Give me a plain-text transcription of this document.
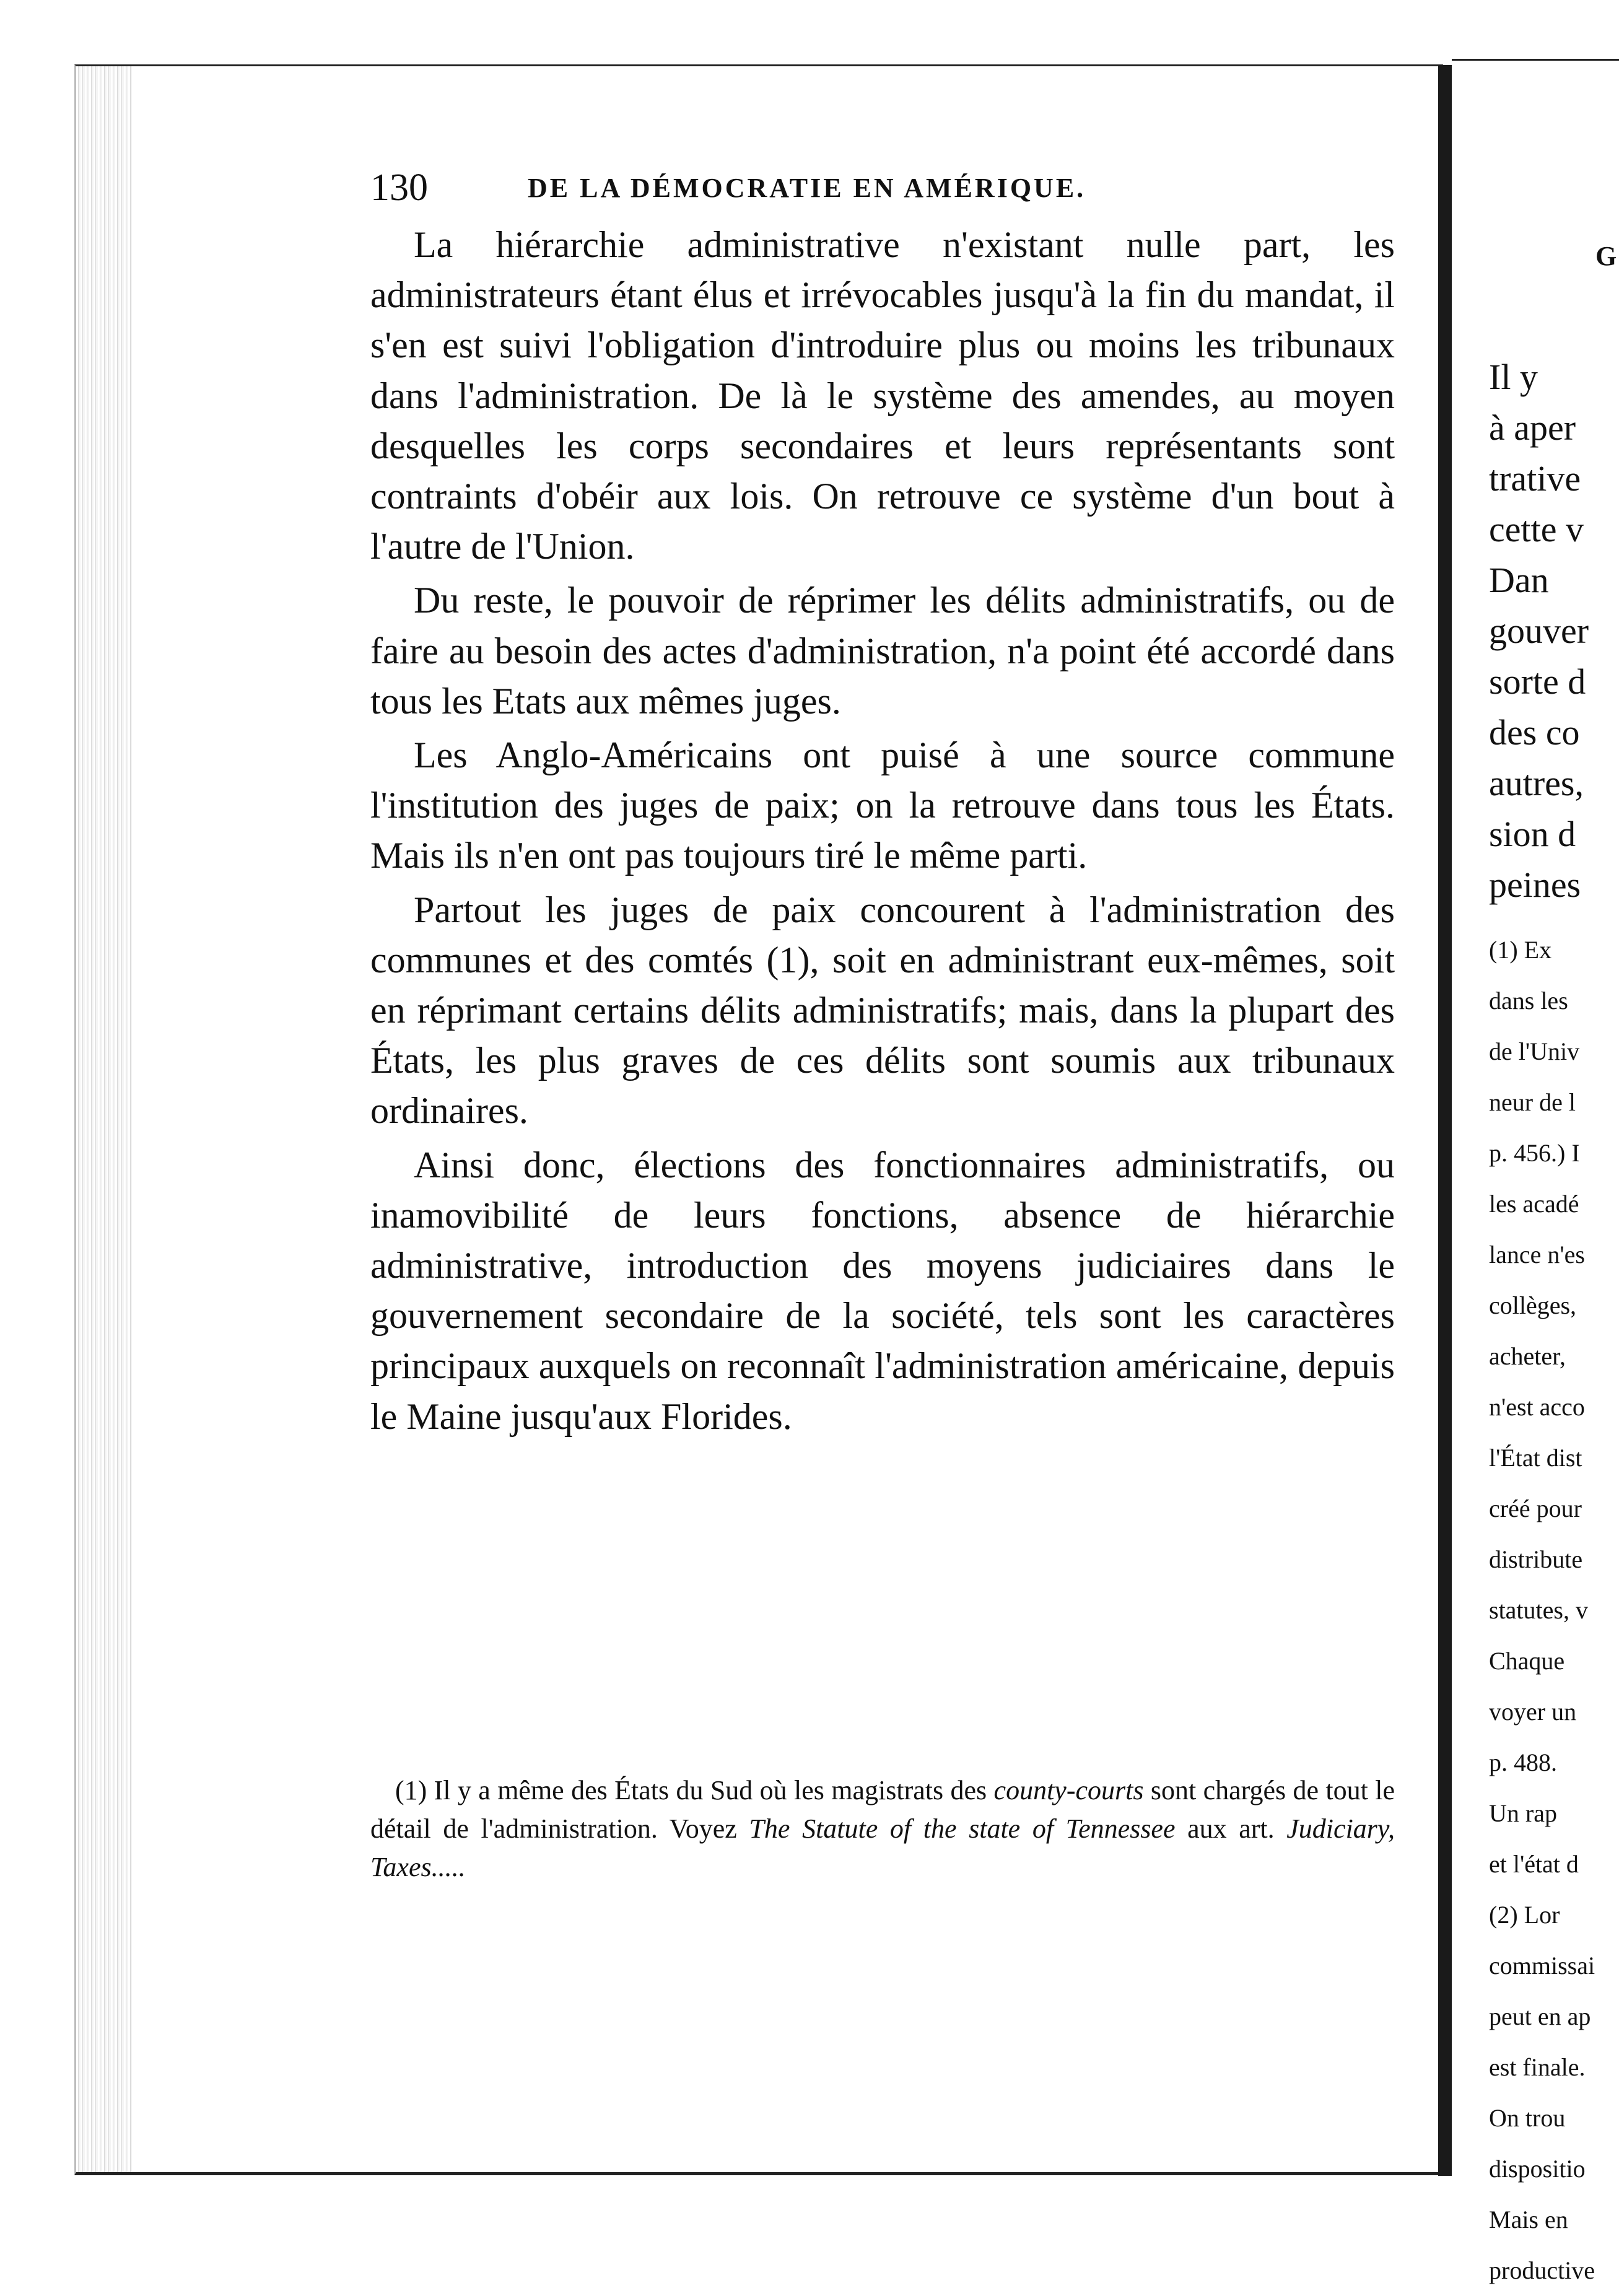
130	DE LA DÉMOCRATIE EN AMÉRIQUE.

La hiérarchie administrative n'existant nulle part, les administrateurs étant élus et irrévocables jusqu'à la fin du mandat, il s'en est suivi l'obligation d'introduire plus ou moins les tribunaux dans l'administration. De là le système des amendes, au moyen desquelles les corps secondaires et leurs représentants sont contraints d'obéir aux lois. On retrouve ce système d'un bout à l'autre de l'Union.

Du reste, le pouvoir de réprimer les délits administratifs, ou de faire au besoin des actes d'administration, n'a point été accordé dans tous les Etats aux mêmes juges.

Les Anglo-Américains ont puisé à une source commune l'institution des juges de paix; on la retrouve dans tous les États. Mais ils n'en ont pas toujours tiré le même parti.

Partout les juges de paix concourent à l'administration des communes et des comtés (1), soit en administrant eux-mêmes, soit en réprimant certains délits administratifs; mais, dans la plupart des États, les plus graves de ces délits sont soumis aux tribunaux ordinaires.

Ainsi donc, élections des fonctionnaires administratifs, ou inamovibilité de leurs fonctions, absence de hiérarchie administrative, introduction des moyens judiciaires dans le gouvernement secondaire de la société, tels sont les caractères principaux auxquels on reconnaît l'administration américaine, depuis le Maine jusqu'aux Florides.

(1) Il y a même des États du Sud où les magistrats des county-courts sont chargés de tout le détail de l'administration. Voyez The Statute of the state of Tennessee aux art. Judiciary, Taxes.....

G
Il y
à aper
trative
cette v
Dan
gouver
sorte d
des co
autres,
sion d
peines
(1) Ex
dans les
de l'Univ
neur de l
p. 456.) I
les acadé
lance n'es
collèges,
acheter,
n'est acco
l'État dist
créé pour
distribute
statutes, v
Chaque
voyer un
p. 488.
Un rap
et l'état d
(2) Lor
commissai
peut en ap
est finale.
On trou
dispositio
Mais en
productive
